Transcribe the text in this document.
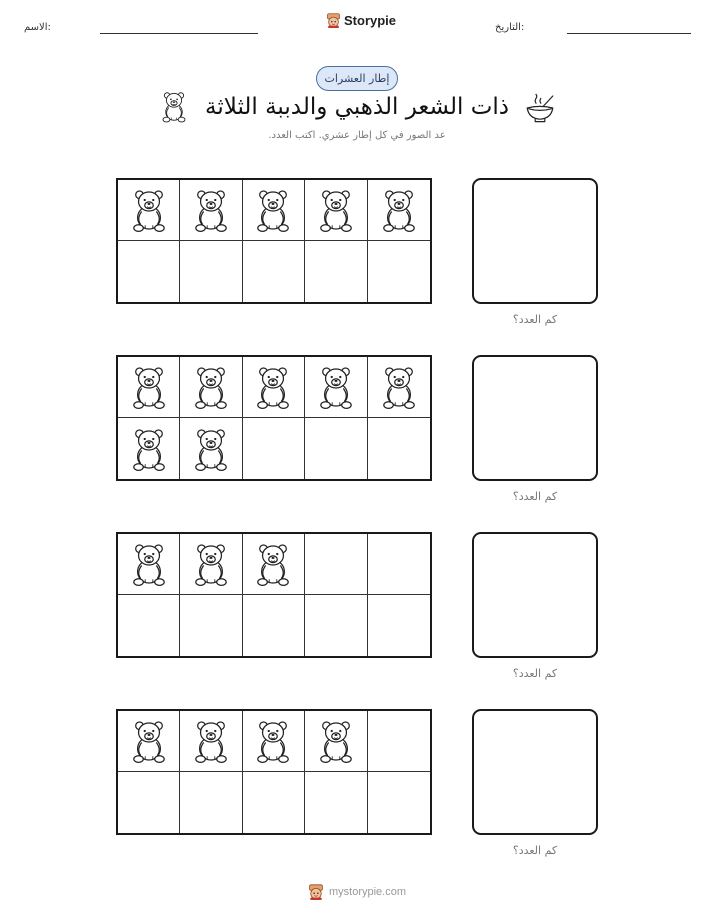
الاسم:	Storypie	التاريخ:
إطار العشرات
ذات الشعر الذهبي والدببة الثلاثة
عد الصور في كل إطار عشري. اكتب العدد.
كم العدد؟
كم العدد؟
كم العدد؟
كم العدد؟
mystorypie.com
